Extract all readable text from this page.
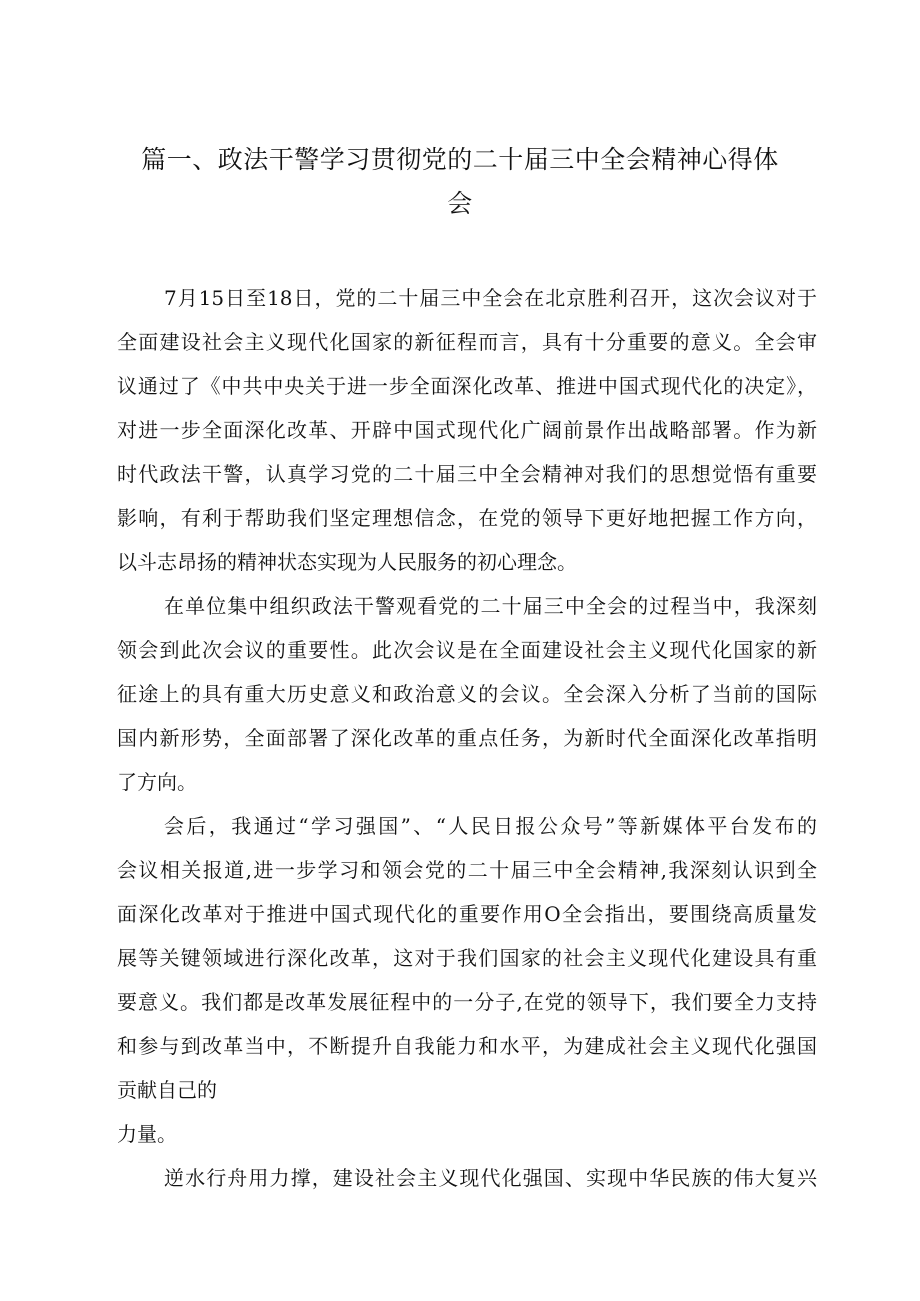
篇一、政法干警学习贯彻党的二十届三中全会精神心得体
会
7月15日至18日，党的二十届三中全会在北京胜利召开，这次会议对于
全面建设社会主义现代化国家的新征程而言，具有十分重要的意义。全会审
议通过了《中共中央关于进一步全面深化改革、推进中国式现代化的决定》，
对进一步全面深化改革、开辟中国式现代化广阔前景作出战略部署。作为新
时代政法干警，认真学习党的二十届三中全会精神对我们的思想觉悟有重要
影响，有利于帮助我们坚定理想信念，在党的领导下更好地把握工作方向，
以斗志昂扬的精神状态实现为人民服务的初心理念。
在单位集中组织政法干警观看党的二十届三中全会的过程当中，我深刻
领会到此次会议的重要性。此次会议是在全面建设社会主义现代化国家的新
征途上的具有重大历史意义和政治意义的会议。全会深入分析了当前的国际
国内新形势，全面部署了深化改革的重点任务，为新时代全面深化改革指明
了方向。
会后，我通过“学习强国”、“人民日报公众号”等新媒体平台发布的
会议相关报道,进一步学习和领会党的二十届三中全会精神,我深刻认识到全
面深化改革对于推进中国式现代化的重要作用O全会指出，要围绕高质量发
展等关键领域进行深化改革，这对于我们国家的社会主义现代化建设具有重
要意义。我们都是改革发展征程中的一分子,在党的领导下，我们要全力支持
和参与到改革当中，不断提升自我能力和水平，为建成社会主义现代化强国
贡献自己的
力量。
逆水行舟用力撑，建设社会主义现代化强国、实现中华民族的伟大复兴
